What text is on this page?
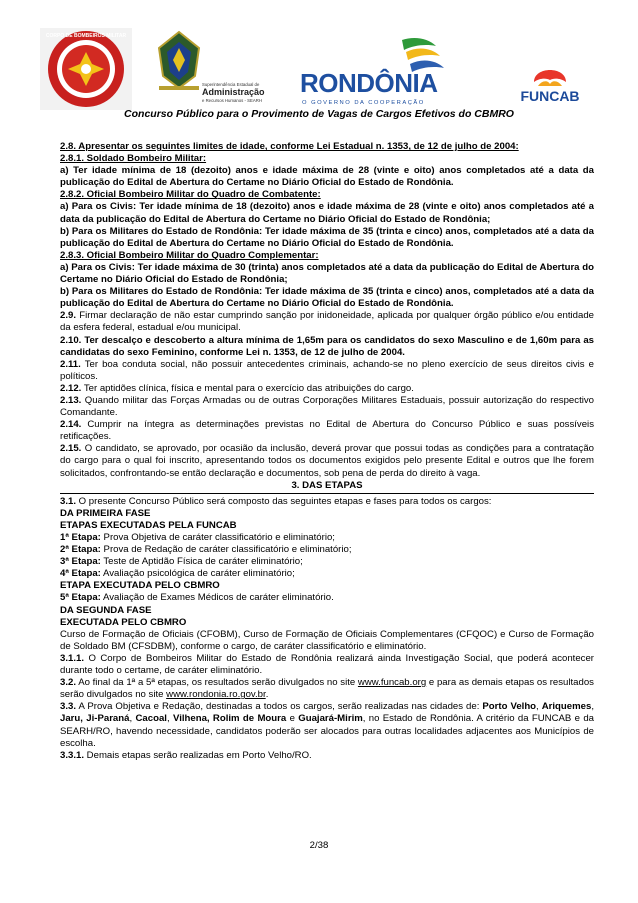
CORPO DE BOMBEIROS MILITAR
Superintendência Estadual de
Administração
e Recursos Humanos - SEARH
RONDÔNIA
O GOVERNO DA COOPERAÇÃO	FUNCAB
Concurso Público para o Provimento de Vagas de Cargos Efetivos do CBMRO

2.8. Apresentar os seguintes limites de idade, conforme Lei Estadual n. 1353, de 12 de julho de 2004:

2.8.1. Soldado Bombeiro Militar:

a) Ter idade mínima de 18 (dezoito) anos e idade máxima de 28 (vinte e oito) anos completados até a data da publicação do Edital de Abertura do Certame no Diário Oficial do Estado de Rondônia.

2.8.2. Oficial Bombeiro Militar do Quadro de Combatente:

a) Para os Civis: Ter idade mínima de 18 (dezoito) anos e idade máxima de 28 (vinte e oito) anos completados até a data da publicação do Edital de Abertura do Certame no Diário Oficial do Estado de Rondônia;

b) Para os Militares do Estado de Rondônia: Ter idade máxima de 35 (trinta e cinco) anos, completados até a data da publicação do Edital de Abertura do Certame no Diário Oficial do Estado de Rondônia.

2.8.3. Oficial Bombeiro Militar do Quadro Complementar:

a) Para os Civis: Ter idade máxima de 30 (trinta) anos completados até a data da publicação do Edital de Abertura do Certame no Diário Oficial do Estado de Rondônia;

b) Para os Militares do Estado de Rondônia: Ter idade máxima de 35 (trinta e cinco) anos, completados até a data da publicação do Edital de Abertura do Certame no Diário Oficial do Estado de Rondônia.

2.9. Firmar declaração de não estar cumprindo sanção por inidoneidade, aplicada por qualquer órgão público e/ou entidade da esfera federal, estadual e/ou municipal.

2.10. Ter descalço e descoberto a altura mínima de 1,65m para os candidatos do sexo Masculino e de 1,60m para as candidatas do sexo Feminino, conforme Lei n. 1353, de 12 de julho de 2004.

2.11. Ter boa conduta social, não possuir antecedentes criminais, achando-se no pleno exercício de seus direitos civis e políticos.

2.12. Ter aptidões clínica, física e mental para o exercício das atribuições do cargo.

2.13. Quando militar das Forças Armadas ou de outras Corporações Militares Estaduais, possuir autorização do respectivo Comandante.

2.14. Cumprir na íntegra as determinações previstas no Edital de Abertura do Concurso Público e suas possíveis retificações.

2.15. O candidato, se aprovado, por ocasião da inclusão, deverá provar que possui todas as condições para a contratação do cargo para o qual foi inscrito, apresentando todos os documentos exigidos pelo presente Edital e outros que lhe forem solicitados, confrontando-se então declaração e documentos, sob pena de perda do direito à vaga.

3. DAS ETAPAS

3.1. O presente Concurso Público será composto das seguintes etapas e fases para todos os cargos:

DA PRIMEIRA FASE

ETAPAS EXECUTADAS PELA FUNCAB

1ª Etapa: Prova Objetiva de caráter classificatório e eliminatório;

2ª Etapa: Prova de Redação de caráter classificatório e eliminatório;

3ª Etapa: Teste de Aptidão Física de caráter eliminatório;

4ª Etapa: Avaliação psicológica de caráter eliminatório;

ETAPA EXECUTADA PELO CBMRO

5ª Etapa: Avaliação de Exames Médicos de caráter eliminatório.

DA SEGUNDA FASE

EXECUTADA PELO CBMRO

Curso de Formação de Oficiais (CFOBM), Curso de Formação de Oficiais Complementares (CFQOC) e Curso de Formação de Soldado BM (CFSDBM), conforme o cargo, de caráter classificatório e eliminatório.

3.1.1. O Corpo de Bombeiros Militar do Estado de Rondônia realizará ainda Investigação Social, que poderá acontecer durante todo o certame, de caráter eliminatório.

3.2. Ao final da 1ª a 5ª etapas, os resultados serão divulgados no site www.funcab.org e para as demais etapas os resultados serão divulgados no site www.rondonia.ro.gov.br.

3.3. A Prova Objetiva e Redação, destinadas a todos os cargos, serão realizadas nas cidades de: Porto Velho, Ariquemes, Jaru, Ji-Paraná, Cacoal, Vilhena, Rolim de Moura e Guajará-Mirim, no Estado de Rondônia. A critério da FUNCAB e da SEARH/RO, havendo necessidade, candidatos poderão ser alocados para outras localidades adjacentes aos Municípios de escolha.

3.3.1. Demais etapas serão realizadas em Porto Velho/RO.

2/38
